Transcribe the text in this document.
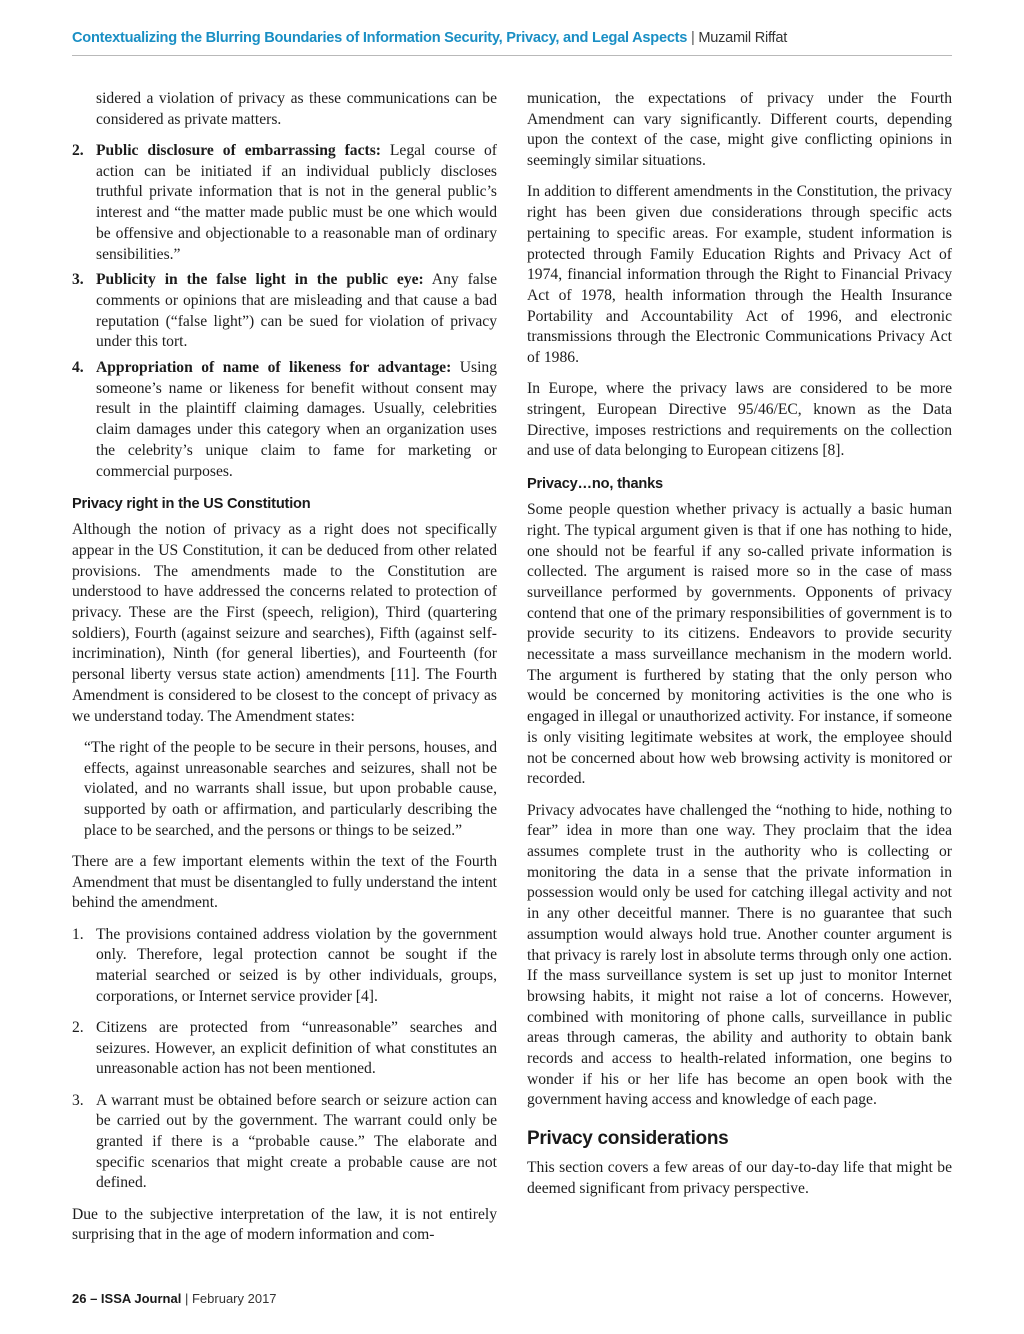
Contextualizing the Blurring Boundaries of Information Security, Privacy, and Legal Aspects | Muzamil Riffat

sidered a violation of privacy as these communications can be considered as private matters.

2. Public disclosure of embarrassing facts: Legal course of action can be initiated if an individual publicly discloses truthful private information that is not in the general public’s interest and “the matter made public must be one which would be offensive and objectionable to a reasonable man of ordinary sensibilities.”
3. Publicity in the false light in the public eye: Any false comments or opinions that are misleading and that cause a bad reputation (“false light”) can be sued for violation of privacy under this tort.
4. Appropriation of name of likeness for advantage: Using someone’s name or likeness for benefit without consent may result in the plaintiff claiming damages. Usually, celebrities claim damages under this category when an organization uses the celebrity’s unique claim to fame for marketing or commercial purposes.
Privacy right in the US Constitution

Although the notion of privacy as a right does not specifically appear in the US Constitution, it can be deduced from other related provisions. The amendments made to the Constitution are understood to have addressed the concerns related to protection of privacy. These are the First (speech, religion), Third (quartering soldiers), Fourth (against seizure and searches), Fifth (against self-incrimination), Ninth (for general liberties), and Fourteenth (for personal liberty versus state action) amendments [11]. The Fourth Amendment is considered to be closest to the concept of privacy as we understand today. The Amendment states:

“The right of the people to be secure in their persons, houses, and effects, against unreasonable searches and seizures, shall not be violated, and no warrants shall issue, but upon probable cause, supported by oath or affirmation, and particularly describing the place to be searched, and the persons or things to be seized.”

There are a few important elements within the text of the Fourth Amendment that must be disentangled to fully understand the intent behind the amendment.

1. The provisions contained address violation by the government only. Therefore, legal protection cannot be sought if the material searched or seized is by other individuals, groups, corporations, or Internet service provider [4].
2. Citizens are protected from “unreasonable” searches and seizures. However, an explicit definition of what constitutes an unreasonable action has not been mentioned.
3. A warrant must be obtained before search or seizure action can be carried out by the government. The warrant could only be granted if there is a “probable cause.” The elaborate and specific scenarios that might create a probable cause are not defined.

Due to the subjective interpretation of the law, it is not entirely surprising that in the age of modern information and com-

munication, the expectations of privacy under the Fourth Amendment can vary significantly. Different courts, depending upon the context of the case, might give conflicting opinions in seemingly similar situations.

In addition to different amendments in the Constitution, the privacy right has been given due considerations through specific acts pertaining to specific areas. For example, student information is protected through Family Education Rights and Privacy Act of 1974, financial information through the Right to Financial Privacy Act of 1978, health information through the Health Insurance Portability and Accountability Act of 1996, and electronic transmissions through the Electronic Communications Privacy Act of 1986.

In Europe, where the privacy laws are considered to be more stringent, European Directive 95/46/EC, known as the Data Directive, imposes restrictions and requirements on the collection and use of data belonging to European citizens [8].

Privacy…no, thanks

Some people question whether privacy is actually a basic human right. The typical argument given is that if one has nothing to hide, one should not be fearful if any so-called private information is collected. The argument is raised more so in the case of mass surveillance performed by governments. Opponents of privacy contend that one of the primary responsibilities of government is to provide security to its citizens. Endeavors to provide security necessitate a mass surveillance mechanism in the modern world. The argument is furthered by stating that the only person who would be concerned by monitoring activities is the one who is engaged in illegal or unauthorized activity. For instance, if someone is only visiting legitimate websites at work, the employee should not be concerned about how web browsing activity is monitored or recorded.

Privacy advocates have challenged the “nothing to hide, nothing to fear” idea in more than one way. They proclaim that the idea assumes complete trust in the authority who is collecting or monitoring the data in a sense that the private information in possession would only be used for catching illegal activity and not in any other deceitful manner. There is no guarantee that such assumption would always hold true. Another counter argument is that privacy is rarely lost in absolute terms through only one action. If the mass surveillance system is set up just to monitor Internet browsing habits, it might not raise a lot of concerns. However, combined with monitoring of phone calls, surveillance in public areas through cameras, the ability and authority to obtain bank records and access to health-related information, one begins to wonder if his or her life has become an open book with the government having access and knowledge of each page.

Privacy considerations

This section covers a few areas of our day-to-day life that might be deemed significant from privacy perspective.

26 – ISSA Journal | February 2017
